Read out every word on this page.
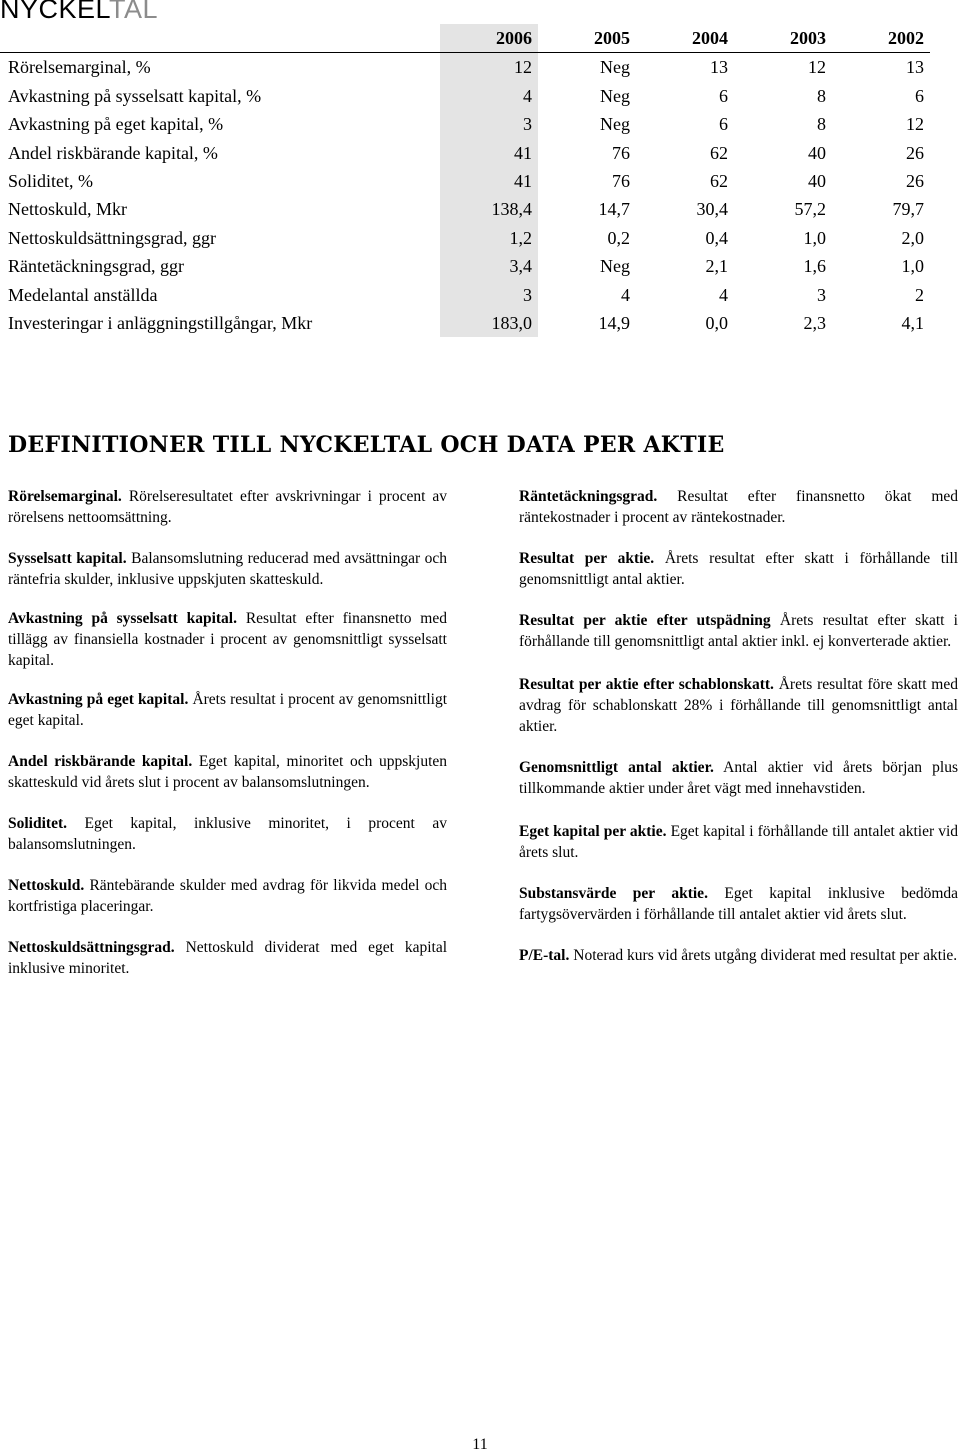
NYCKELTAL
	2006	2005	2004	2003	2002
Rörelsemarginal, %	12	Neg	13	12	13
Avkastning på sysselsatt kapital, %	4	Neg	6	8	6
Avkastning på eget kapital, %	3	Neg	6	8	12
Andel riskbärande kapital, %	41	76	62	40	26
Soliditet, %	41	76	62	40	26
Nettoskuld, Mkr	138,4	14,7	30,4	57,2	79,7
Nettoskuldsättningsgrad, ggr	1,2	0,2	0,4	1,0	2,0
Räntetäckningsgrad, ggr	3,4	Neg	2,1	1,6	1,0
Medelantal anställda	3	4	4	3	2
Investeringar i anläggningstillgångar, Mkr	183,0	14,9	0,0	2,3	4,1
DEFINITIONER TILL NYCKELTAL OCH DATA PER AKTIE
Rörelsemarginal. Rörelseresultatet efter avskrivningar i procent av rörelsens nettoomsättning.
Sysselsatt kapital. Balansomslutning reducerad med avsättningar och räntefria skulder, inklusive uppskjuten skatteskuld.
Avkastning på sysselsatt kapital. Resultat efter finansnetto med tillägg av finansiella kostnader i procent av genomsnittligt sysselsatt kapital.
Avkastning på eget kapital. Årets resultat i procent av genomsnittligt eget kapital.
Andel riskbärande kapital. Eget kapital, minoritet och uppskjuten skatteskuld vid årets slut i procent av balansomslutningen.
Soliditet. Eget kapital, inklusive minoritet, i procent av balansomslutningen.
Nettoskuld. Räntebärande skulder med avdrag för likvida medel och kortfristiga placeringar.
Nettoskuldsättningsgrad. Nettoskuld dividerat med eget kapital inklusive minoritet.
Räntetäckningsgrad. Resultat efter finansnetto ökat med räntekostnader i procent av räntekostnader.
Resultat per aktie. Årets resultat efter skatt i förhållande till genomsnittligt antal aktier.
Resultat per aktie efter utspädning Årets resultat efter skatt i förhållande till genomsnittligt antal aktier inkl. ej konverterade aktier.
Resultat per aktie efter schablonskatt. Årets resultat före skatt med avdrag för schablonskatt 28% i förhållande till genomsnittligt antal aktier.
Genomsnittligt antal aktier. Antal aktier vid årets början plus tillkommande aktier under året vägt med innehavstiden.
Eget kapital per aktie. Eget kapital i förhållande till antalet aktier vid årets slut.
Substansvärde per aktie. Eget kapital inklusive bedömda fartygsövervärden i förhållande till antalet aktier vid årets slut.
P/E-tal. Noterad kurs vid årets utgång dividerat med resultat per aktie.
11
